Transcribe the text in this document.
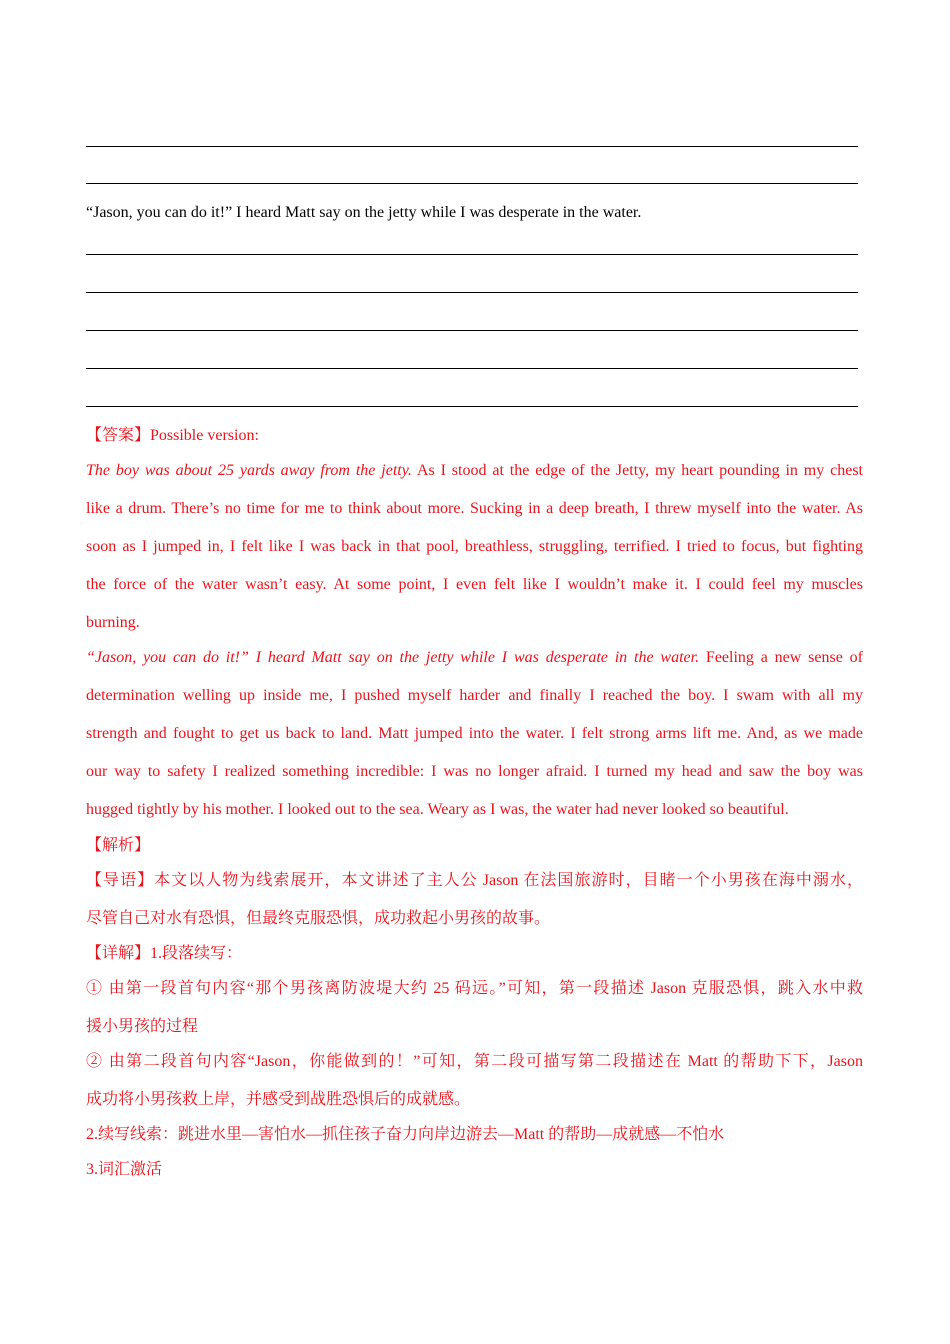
“Jason, you can do it!” I heard Matt say on the jetty while I was desperate in the water.
【答案】Possible version:
The boy was about 25 yards away from the jetty. As I stood at the edge of the Jetty, my heart pounding in my chest
like a drum. There’s no time for me to think about more. Sucking in a deep breath, I threw myself into the water. As
soon as I jumped in, I felt like I was back in that pool, breathless, struggling, terrified. I tried to focus, but fighting
the force of the water wasn’t easy. At some point, I even felt like I wouldn’t make it. I could feel my muscles
burning.
“Jason, you can do it!” I heard Matt say on the jetty while I was desperate in the water. Feeling a new sense of
determination welling up inside me, I pushed myself harder and finally I reached the boy. I swam with all my
strength and fought to get us back to land. Matt jumped into the water. I felt strong arms lift me. And, as we made
our way to safety I realized something incredible: I was no longer afraid. I turned my head and saw the boy was
hugged tightly by his mother. I looked out to the sea. Weary as I was, the water had never looked so beautiful.
【解析】
【导语】本文以人物为线索展开，本文讲述了主人公 Jason 在法国旅游时，目睹一个小男孩在海中溺水，
尽管自己对水有恐惧，但最终克服恐惧，成功救起小男孩的故事。
【详解】1.段落续写：
① 由第一段首句内容“那个男孩离防波堤大约 25 码远。”可知，第一段描述 Jason 克服恐惧，跳入水中救
援小男孩的过程
② 由第二段首句内容“Jason，你能做到的！”可知，第二段可描写第二段描述在 Matt 的帮助下下，Jason
成功将小男孩救上岸，并感受到战胜恐惧后的成就感。
2.续写线索：跳进水里—害怕水—抓住孩子奋力向岸边游去—Matt 的帮助—成就感—不怕水
3.词汇激活
